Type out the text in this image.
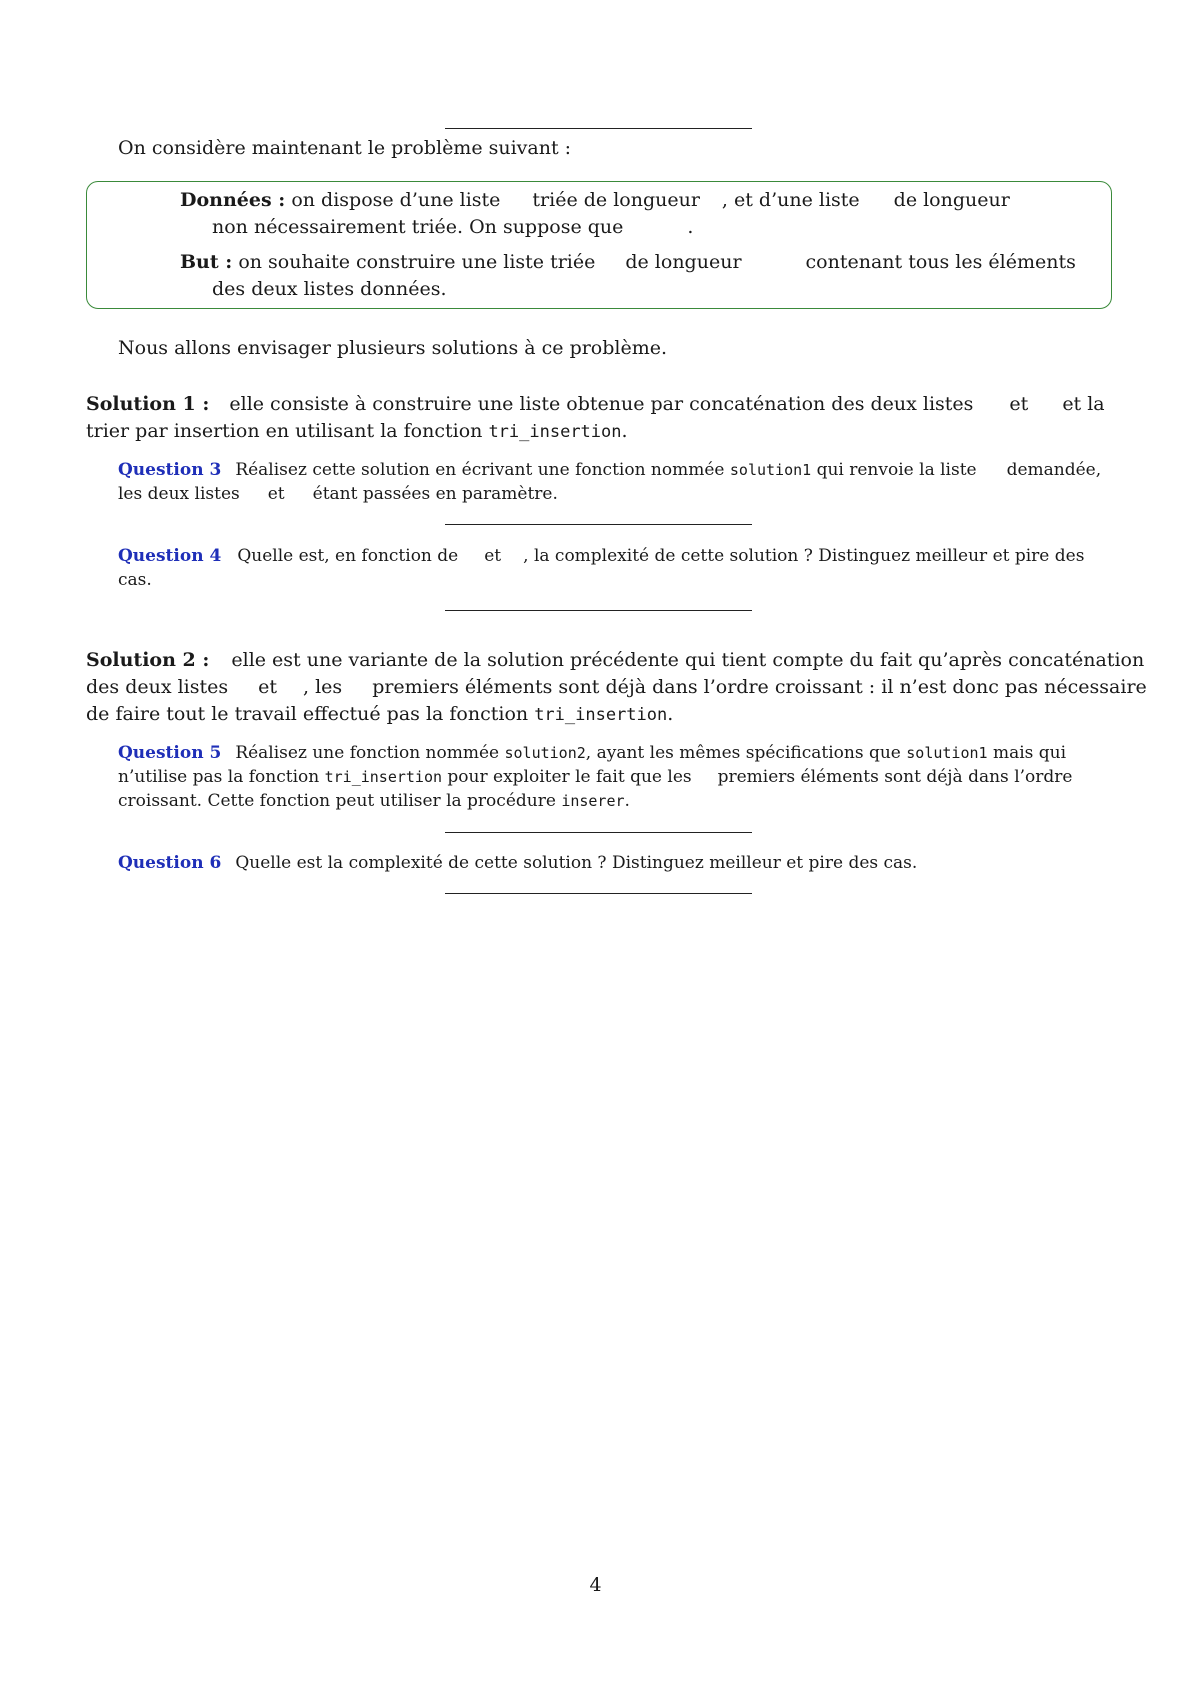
On considère maintenant le problème suivant :
Données : on dispose d’une liste triée de longueur , et d’une liste de longueur
non nécessairement triée. On suppose que	.
But : on souhaite construire une liste triée de longueur	contenant tous les éléments
des deux listes données.
Nous allons envisager plusieurs solutions à ce problème.
Solution 1 : elle consiste à construire une liste obtenue par concaténation des deux listes et et la
trier par insertion en utilisant la fonction tri_insertion.
Question 3 Réalisez cette solution en écrivant une fonction nommée solution1 qui renvoie la liste demandée,
les deux listes et étant passées en paramètre.
Question 4 Quelle est, en fonction de et , la complexité de cette solution ? Distinguez meilleur et pire des
cas.
Solution 2 : elle est une variante de la solution précédente qui tient compte du fait qu’après concaténation
des deux listes et , les premiers éléments sont déjà dans l’ordre croissant : il n’est donc pas nécessaire
de faire tout le travail effectué pas la fonction tri_insertion.
Question 5 Réalisez une fonction nommée solution2, ayant les mêmes spécifications que solution1 mais qui
n’utilise pas la fonction tri_insertion pour exploiter le fait que les premiers éléments sont déjà dans l’ordre
croissant. Cette fonction peut utiliser la procédure inserer.
Question 6 Quelle est la complexité de cette solution ? Distinguez meilleur et pire des cas.
4
